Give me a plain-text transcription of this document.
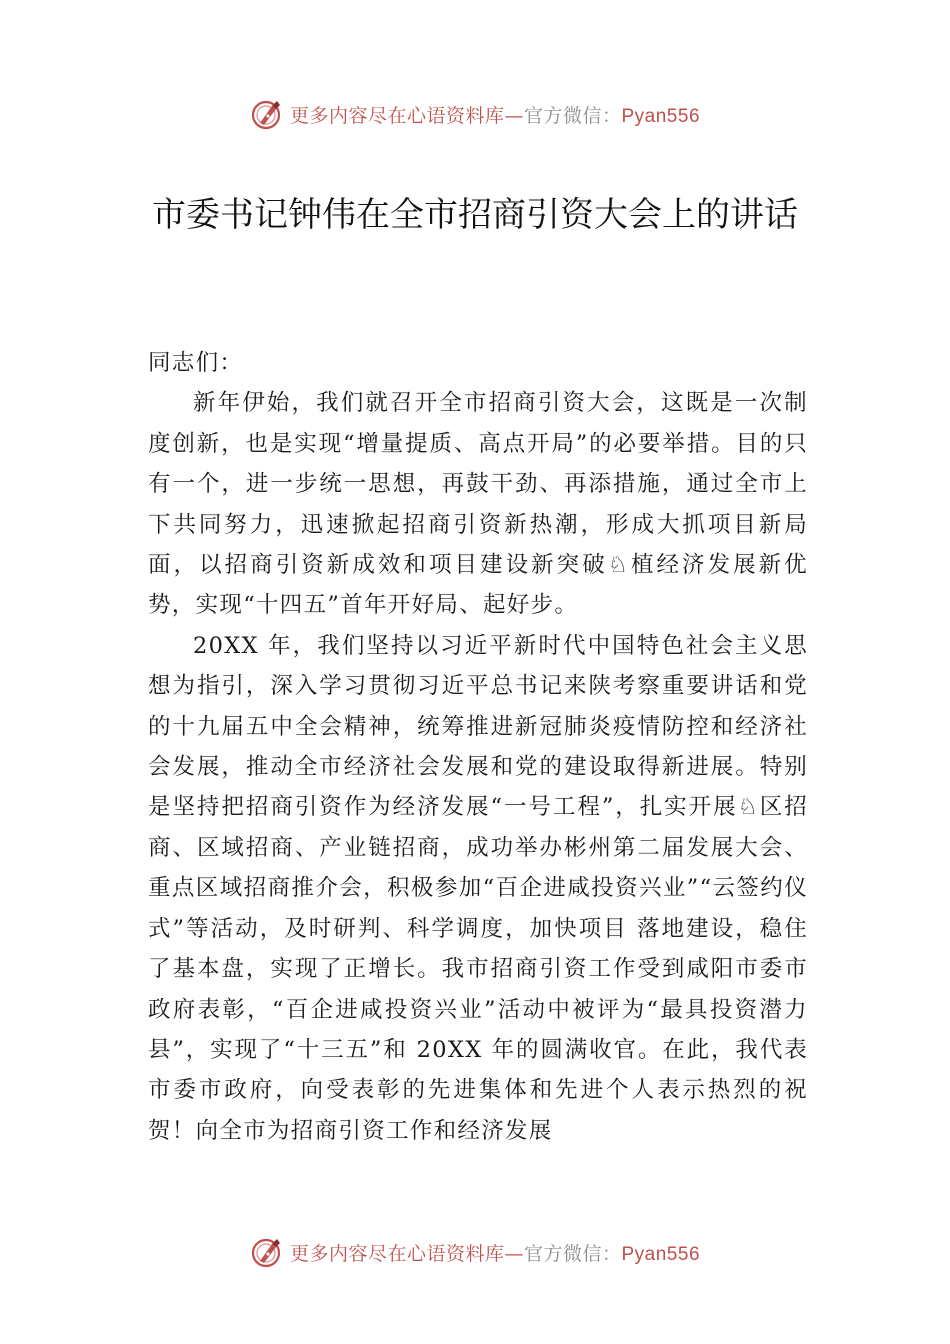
更多内容尽在心语资料库—官方微信：Pyan556
市委书记钟伟在全市招商引资大会上的讲话

同志们：

新年伊始，我们就召开全市招商引资大会，这既是一次制度创新，也是实现“增量提质、高点开局”的必要举措。目的只有一个，进一步统一思想，再鼓干劲、再添措施，通过全市上下共同努力，迅速掀起招商引资新热潮，形成大抓项目新局面，以招商引资新成效和项目建设新突破♘植经济发展新优势，实现“十四五”首年开好局、起好步。

20XX 年，我们坚持以习近平新时代中国特色社会主义思想为指引，深入学习贯彻习近平总书记来陕考察重要讲话和党的十九届五中全会精神，统筹推进新冠肺炎疫情防控和经济社会发展，推动全市经济社会发展和党的建设取得新进展。特别是坚持把招商引资作为经济发展“一号工程”，扎实开展♘区招商、区域招商、产业链招商，成功举办彬州第二届发展大会、重点区域招商推介会，积极参加“百企进咸投资兴业”“云签约仪式”等活动，及时研判、科学调度，加快项目 落地建设，稳住了基本盘，实现了正增长。我市招商引资工作受到咸阳市委市政府表彰，“百企进咸投资兴业”活动中被评为“最具投资潜力县”，实现了“十三五”和 20XX 年的圆满收官。在此，我代表市委市政府，向受表彰的先进集体和先进个人表示热烈的祝贺！向全市为招商引资工作和经济发展

更多内容尽在心语资料库—官方微信：Pyan556
